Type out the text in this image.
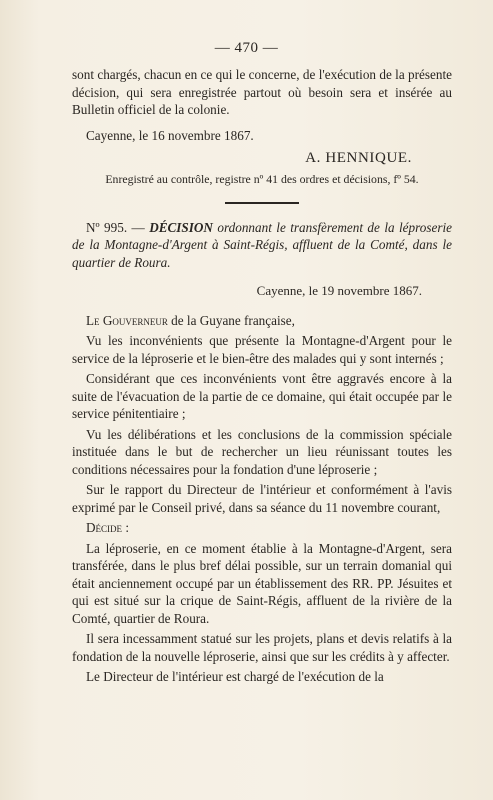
— 470 —

sont chargés, chacun en ce qui le concerne, de l'exécution de la présente décision, qui sera enregistrée partout où besoin sera et insérée au Bulletin officiel de la colonie.

Cayenne, le 16 novembre 1867.

A. HENNIQUE.
Enregistré au contrôle, registre nº 41 des ordres et décisions, fº 54.

Nº 995. — DÉCISION ordonnant le transfèrement de la léproserie de la Montagne-d'Argent à Saint-Régis, affluent de la Comté, dans le quartier de Roura.

Cayenne, le 19 novembre 1867.

Le Gouverneur de la Guyane française,

Vu les inconvénients que présente la Montagne-d'Argent pour le service de la léproserie et le bien-être des malades qui y sont internés ;

Considérant que ces inconvénients vont être aggravés encore à la suite de l'évacuation de la partie de ce domaine, qui était occupée par le service pénitentiaire ;

Vu les délibérations et les conclusions de la commission spéciale instituée dans le but de rechercher un lieu réunissant toutes les conditions nécessaires pour la fondation d'une léproserie ;

Sur le rapport du Directeur de l'intérieur et conformément à l'avis exprimé par le Conseil privé, dans sa séance du 11 novembre courant,

Décide :

La léproserie, en ce moment établie à la Montagne-d'Argent, sera transférée, dans le plus bref délai possible, sur un terrain domanial qui était anciennement occupé par un établissement des RR. PP. Jésuites et qui est situé sur la crique de Saint-Régis, affluent de la rivière de la Comté, quartier de Roura.

Il sera incessamment statué sur les projets, plans et devis relatifs à la fondation de la nouvelle léproserie, ainsi que sur les crédits à y affecter.

Le Directeur de l'intérieur est chargé de l'exécution de la
